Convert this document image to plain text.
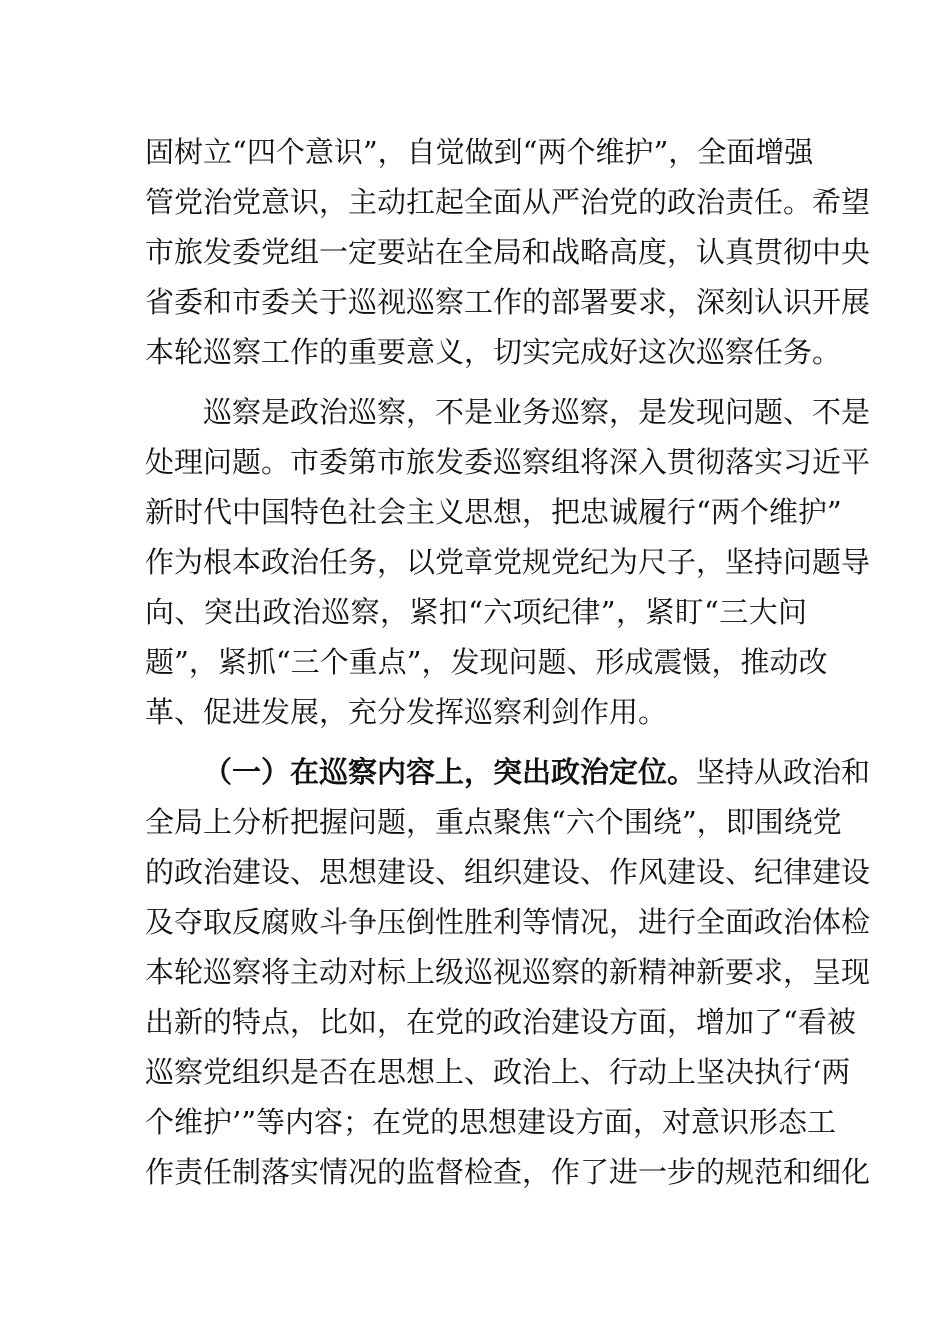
固树立“四个意识”，自觉做到“两个维护”，全面增强
管党治党意识，主动扛起全面从严治党的政治责任。希望
市旅发委党组一定要站在全局和战略高度，认真贯彻中央
省委和市委关于巡视巡察工作的部署要求，深刻认识开展
本轮巡察工作的重要意义，切实完成好这次巡察任务。
巡察是政治巡察，不是业务巡察，是发现问题、不是
处理问题。市委第市旅发委巡察组将深入贯彻落实习近平
新时代中国特色社会主义思想，把忠诚履行“两个维护”
作为根本政治任务，以党章党规党纪为尺子，坚持问题导
向、突出政治巡察，紧扣“六项纪律”，紧盯“三大问
题”，紧抓“三个重点”，发现问题、形成震慑，推动改
革、促进发展，充分发挥巡察利剑作用。
（一）在巡察内容上，突出政治定位。坚持从政治和
全局上分析把握问题，重点聚焦“六个围绕”，即围绕党
的政治建设、思想建设、组织建设、作风建设、纪律建设
及夺取反腐败斗争压倒性胜利等情况，进行全面政治体检
本轮巡察将主动对标上级巡视巡察的新精神新要求，呈现
出新的特点，比如，在党的政治建设方面，增加了“看被
巡察党组织是否在思想上、政治上、行动上坚决执行‘两
个维护’”等内容；在党的思想建设方面，对意识形态工
作责任制落实情况的监督检查，作了进一步的规范和细化
